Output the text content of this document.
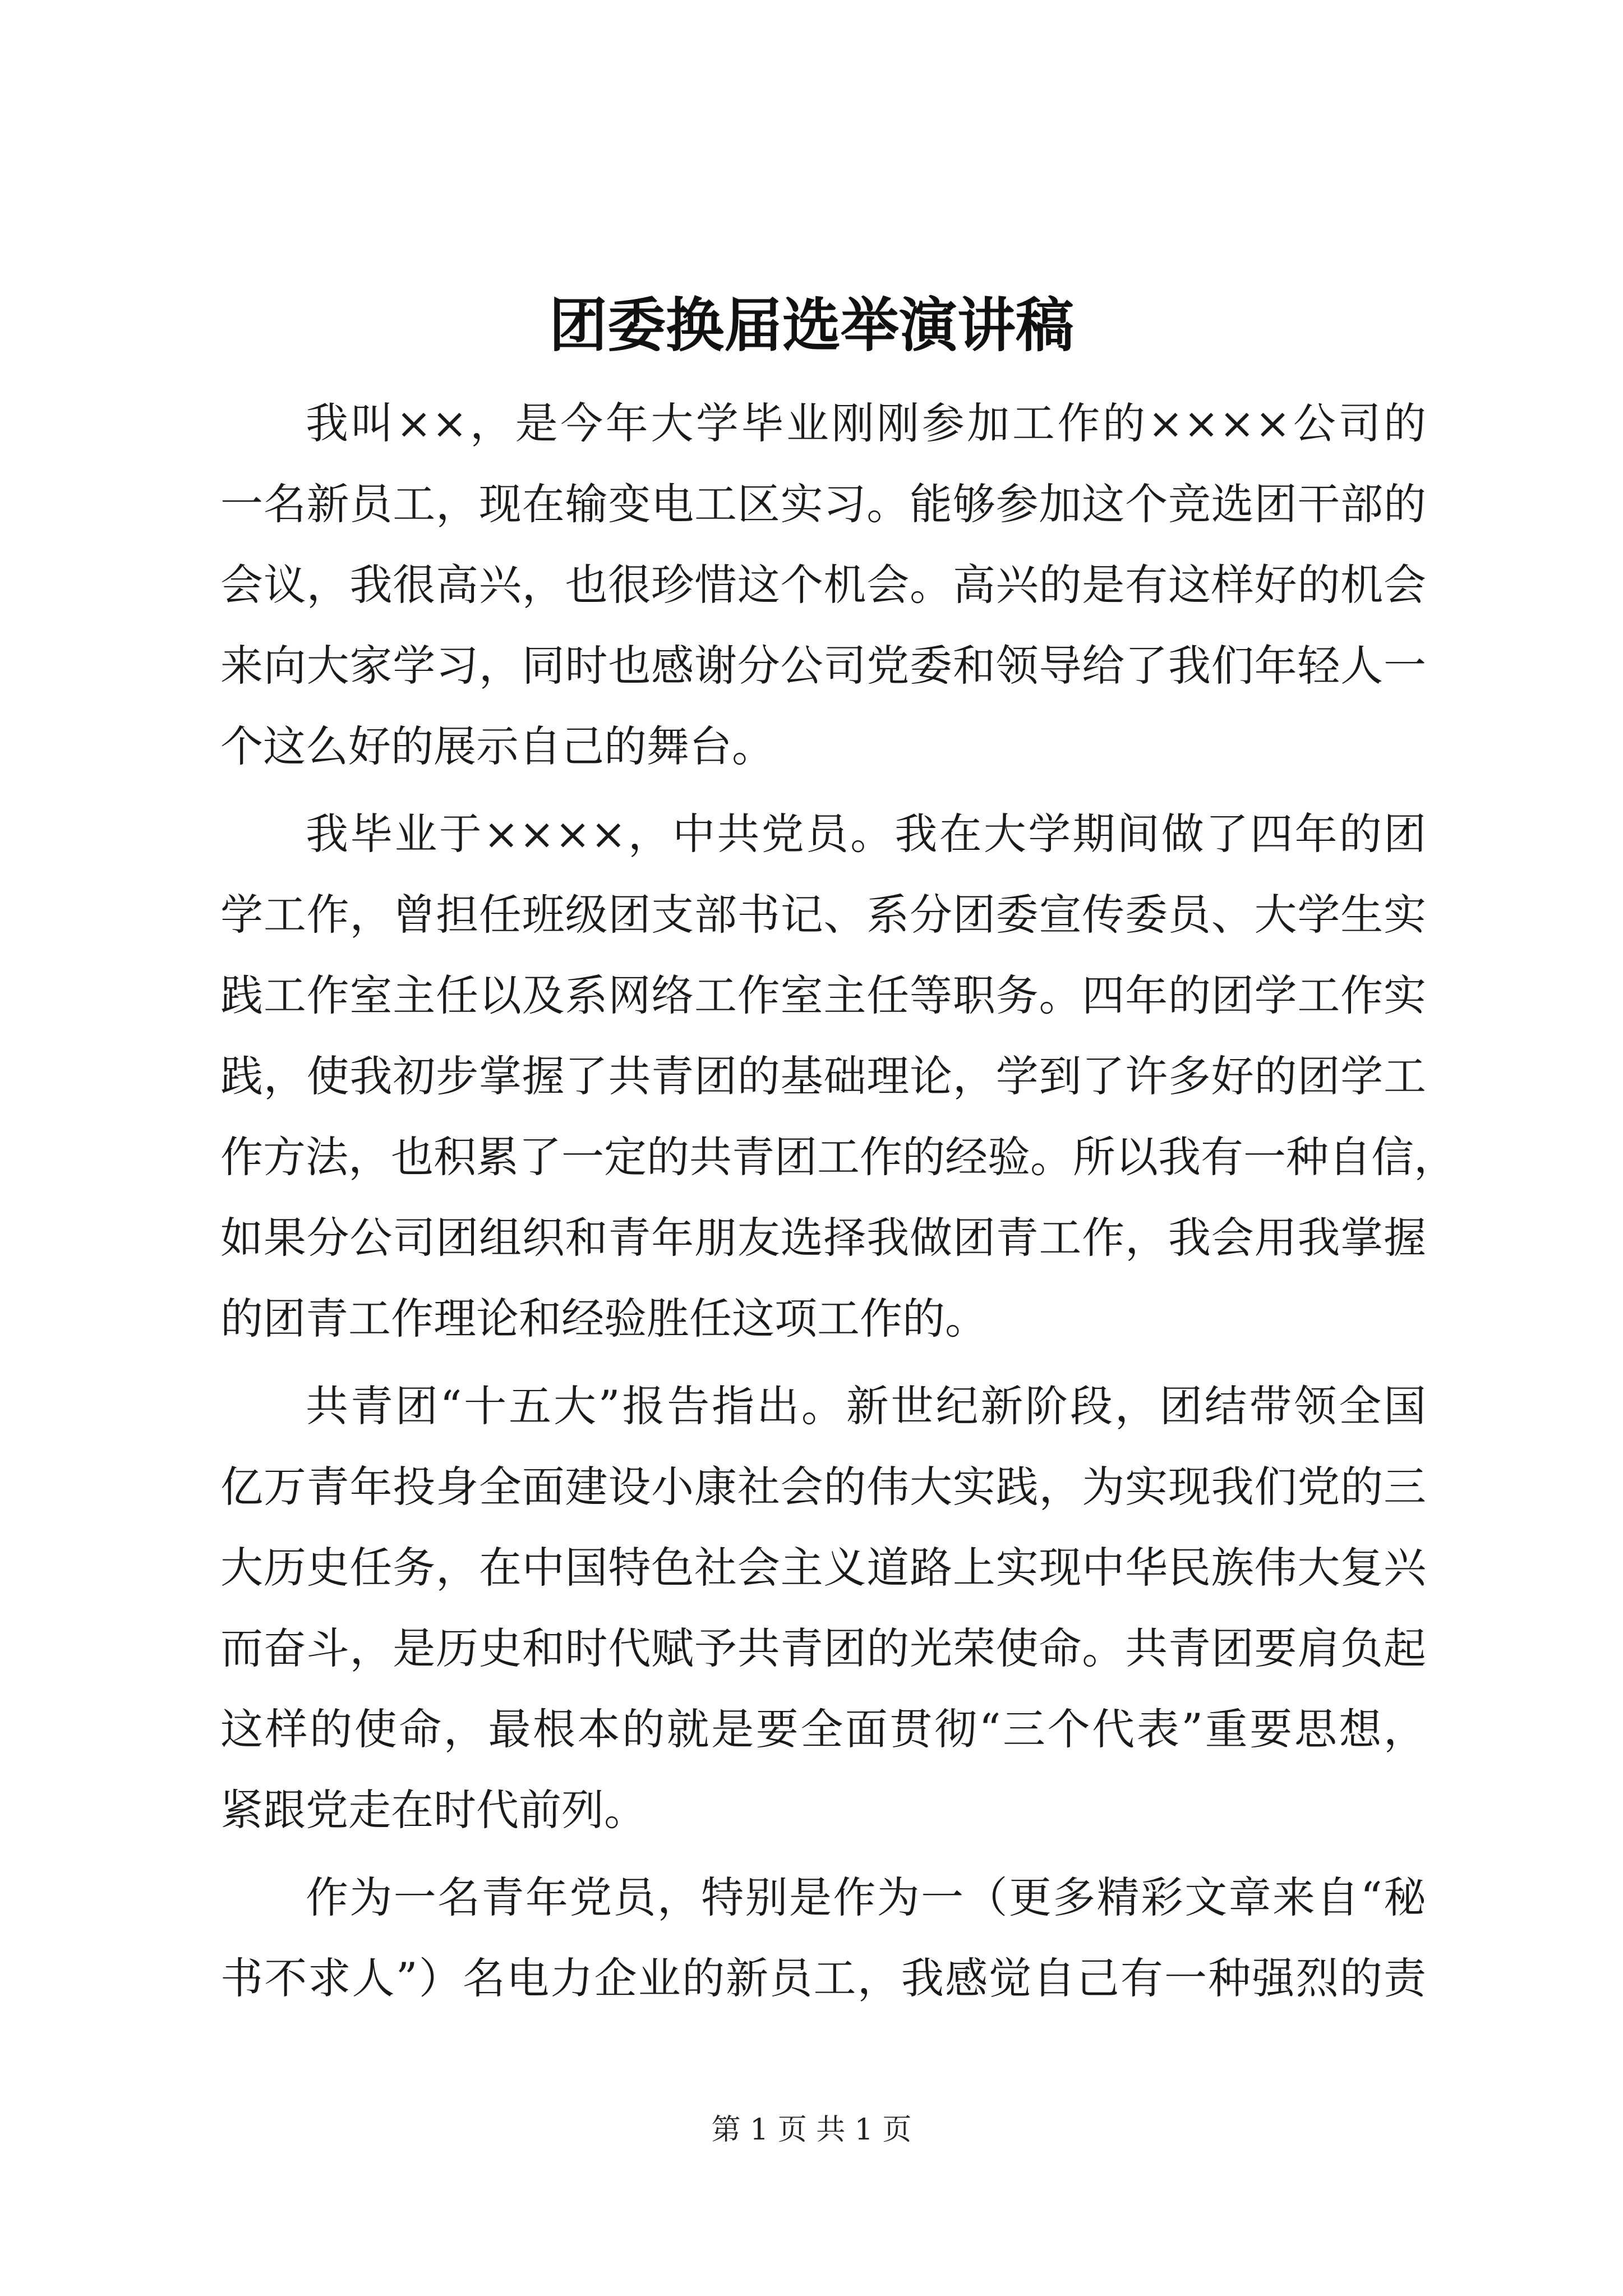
团委换届选举演讲稿

我叫××，是今年大学毕业刚刚参加工作的××××公司的
一名新员工，现在输变电工区实习。能够参加这个竞选团干部的
会议，我很高兴，也很珍惜这个机会。高兴的是有这样好的机会
来向大家学习，同时也感谢分公司党委和领导给了我们年轻人一
个这么好的展示自己的舞台。

我毕业于××××，中共党员。我在大学期间做了四年的团
学工作，曾担任班级团支部书记、系分团委宣传委员、大学生实
践工作室主任以及系网络工作室主任等职务。四年的团学工作实
践，使我初步掌握了共青团的基础理论，学到了许多好的团学工
作方法，也积累了一定的共青团工作的经验。所以我有一种自信，
如果分公司团组织和青年朋友选择我做团青工作，我会用我掌握
的团青工作理论和经验胜任这项工作的。

共青团“十五大”报告指出。新世纪新阶段，团结带领全国
亿万青年投身全面建设小康社会的伟大实践，为实现我们党的三
大历史任务，在中国特色社会主义道路上实现中华民族伟大复兴
而奋斗，是历史和时代赋予共青团的光荣使命。共青团要肩负起
这样的使命，最根本的就是要全面贯彻“三个代表”重要思想，
紧跟党走在时代前列。

作为一名青年党员，特别是作为一（更多精彩文章来自“秘
书不求人”）名电力企业的新员工，我感觉自己有一种强烈的责

第 1 页 共 1 页
